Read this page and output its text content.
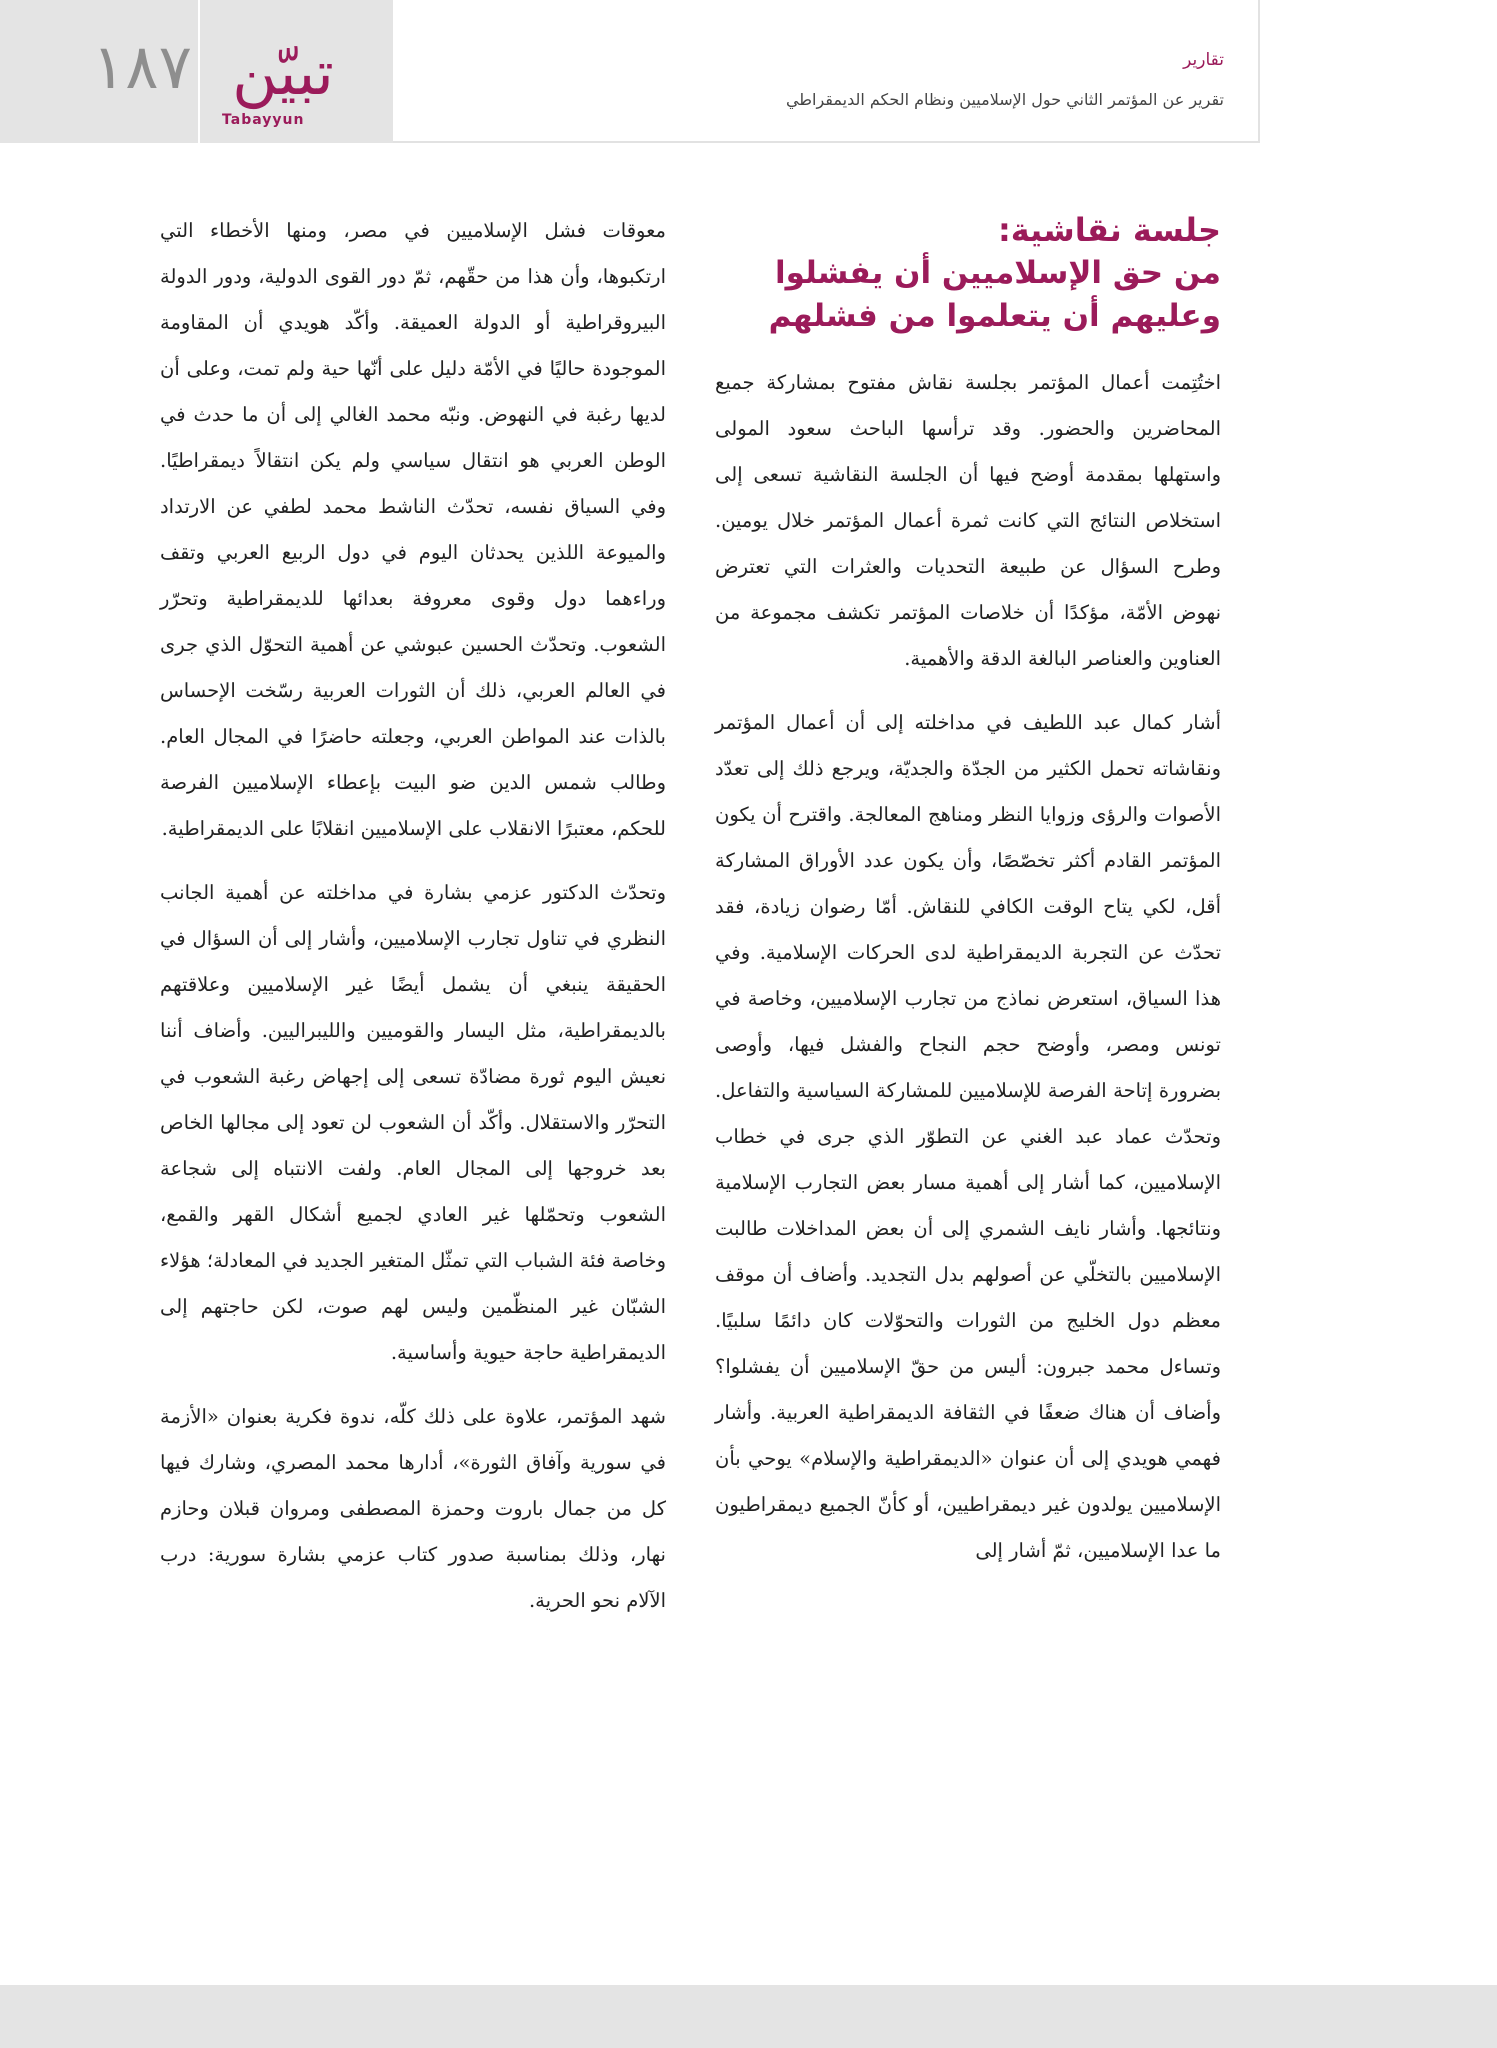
١٨٧ تبيّن
Tabayyun
تقارير
تقرير عن المؤتمر الثاني حول الإسلاميين ونظام الحكم الديمقراطي
جلسة نقاشية:
من حق الإسلاميين أن يفشلوا وعليهم أن يتعلموا من فشلهم

اختُتِمت أعمال المؤتمر بجلسة نقاش مفتوح بمشاركة جميع المحاضرين والحضور. وقد ترأسها الباحث سعود المولى واستهلها بمقدمة أوضح فيها أن الجلسة النقاشية تسعى إلى استخلاص النتائج التي كانت ثمرة أعمال المؤتمر خلال يومين. وطرح السؤال عن طبيعة التحديات والعثرات التي تعترض نهوض الأمّة، مؤكدًا أن خلاصات المؤتمر تكشف مجموعة من العناوين والعناصر البالغة الدقة والأهمية.

أشار كمال عبد اللطيف في مداخلته إلى أن أعمال المؤتمر ونقاشاته تحمل الكثير من الجدّة والجديّة، ويرجع ذلك إلى تعدّد الأصوات والرؤى وزوايا النظر ومناهج المعالجة. واقترح أن يكون المؤتمر القادم أكثر تخصّصًا، وأن يكون عدد الأوراق المشاركة أقل، لكي يتاح الوقت الكافي للنقاش. أمّا رضوان زيادة، فقد تحدّث عن التجربة الديمقراطية لدى الحركات الإسلامية. وفي هذا السياق، استعرض نماذج من تجارب الإسلاميين، وخاصة في تونس ومصر، وأوضح حجم النجاح والفشل فيها، وأوصى بضرورة إتاحة الفرصة للإسلاميين للمشاركة السياسية والتفاعل. وتحدّث عماد عبد الغني عن التطوّر الذي جرى في خطاب الإسلاميين، كما أشار إلى أهمية مسار بعض التجارب الإسلامية ونتائجها. وأشار نايف الشمري إلى أن بعض المداخلات طالبت الإسلاميين بالتخلّي عن أصولهم بدل التجديد. وأضاف أن موقف معظم دول الخليج من الثورات والتحوّلات كان دائمًا سلبيًا. وتساءل محمد جبرون: أليس من حقّ الإسلاميين أن يفشلوا؟ وأضاف أن هناك ضعفًا في الثقافة الديمقراطية العربية. وأشار فهمي هويدي إلى أن عنوان «الديمقراطية والإسلام» يوحي بأن الإسلاميين يولدون غير ديمقراطيين، أو كأنّ الجميع ديمقراطيون ما عدا الإسلاميين، ثمّ أشار إلى

معوقات فشل الإسلاميين في مصر، ومنها الأخطاء التي ارتكبوها، وأن هذا من حقّهم، ثمّ دور القوى الدولية، ودور الدولة البيروقراطية أو الدولة العميقة. وأكّد هويدي أن المقاومة الموجودة حاليًا في الأمّة دليل على أنّها حية ولم تمت، وعلى أن لديها رغبة في النهوض. ونبّه محمد الغالي إلى أن ما حدث في الوطن العربي هو انتقال سياسي ولم يكن انتقالاً ديمقراطيًا. وفي السياق نفسه، تحدّث الناشط محمد لطفي عن الارتداد والميوعة اللذين يحدثان اليوم في دول الربيع العربي وتقف وراءهما دول وقوى معروفة بعدائها للديمقراطية وتحرّر الشعوب. وتحدّث الحسين عبوشي عن أهمية التحوّل الذي جرى في العالم العربي، ذلك أن الثورات العربية رسّخت الإحساس بالذات عند المواطن العربي، وجعلته حاضرًا في المجال العام. وطالب شمس الدين ضو البيت بإعطاء الإسلاميين الفرصة للحكم، معتبرًا الانقلاب على الإسلاميين انقلابًا على الديمقراطية.

وتحدّث الدكتور عزمي بشارة في مداخلته عن أهمية الجانب النظري في تناول تجارب الإسلاميين، وأشار إلى أن السؤال في الحقيقة ينبغي أن يشمل أيضًا غير الإسلاميين وعلاقتهم بالديمقراطية، مثل اليسار والقوميين والليبراليين. وأضاف أننا نعيش اليوم ثورة مضادّة تسعى إلى إجهاض رغبة الشعوب في التحرّر والاستقلال. وأكّد أن الشعوب لن تعود إلى مجالها الخاص بعد خروجها إلى المجال العام. ولفت الانتباه إلى شجاعة الشعوب وتحمّلها غير العادي لجميع أشكال القهر والقمع، وخاصة فئة الشباب التي تمثّل المتغير الجديد في المعادلة؛ هؤلاء الشبّان غير المنظّمين وليس لهم صوت، لكن حاجتهم إلى الديمقراطية حاجة حيوية وأساسية.

شهد المؤتمر، علاوة على ذلك كلّه، ندوة فكرية بعنوان «الأزمة في سورية وآفاق الثورة»، أدارها محمد المصري، وشارك فيها كل من جمال باروت وحمزة المصطفى ومروان قبلان وحازم نهار، وذلك بمناسبة صدور كتاب عزمي بشارة سورية: درب الآلام نحو الحرية.
